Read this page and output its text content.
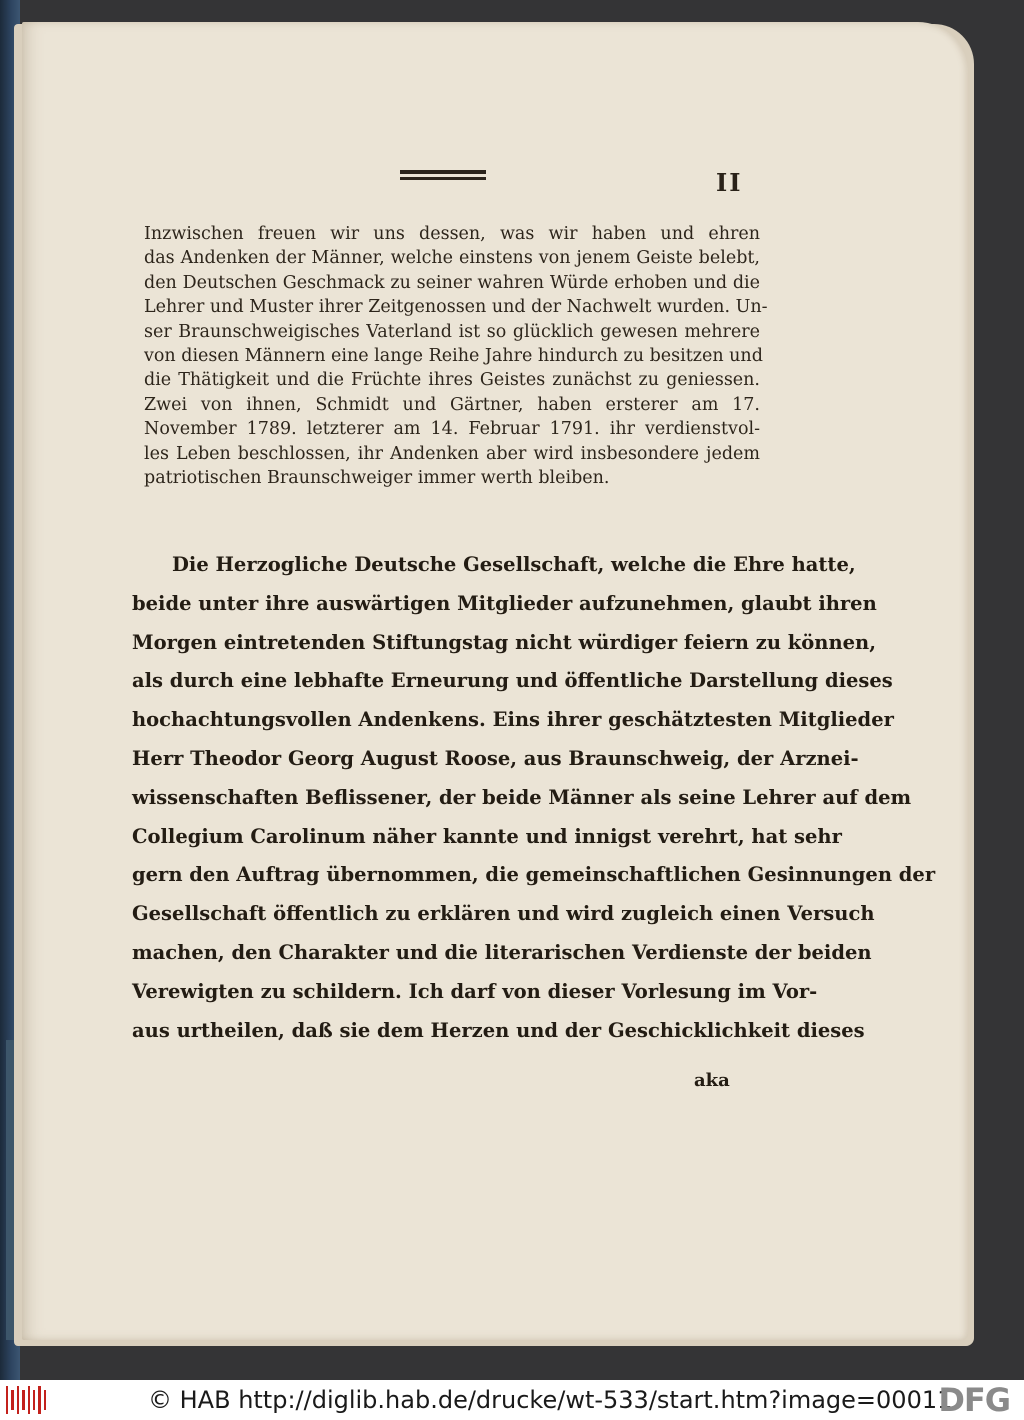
II
Inzwischen freuen wir uns dessen, was wir haben und ehren
das Andenken der Männer, welche einstens von jenem Geiste belebt,
den Deutschen Geschmack zu seiner wahren Würde erhoben und die
Lehrer und Muster ihrer Zeitgenossen und der Nachwelt wurden. Un-
ser Braunschweigisches Vaterland ist so glücklich gewesen mehrere
von diesen Männern eine lange Reihe Jahre hindurch zu besitzen und
die Thätigkeit und die Früchte ihres Geistes zunächst zu geniessen.
Zwei von ihnen, Schmidt und Gärtner, haben ersterer am 17.
November 1789. letzterer am 14. Februar 1791. ihr verdienstvol-
les Leben beschlossen, ihr Andenken aber wird insbesondere jedem
patriotischen Braunschweiger immer werth bleiben.
Die Herzogliche Deutsche Gesellschaft, welche die Ehre hatte,
beide unter ihre auswärtigen Mitglieder aufzunehmen, glaubt ihren
Morgen eintretenden Stiftungstag nicht würdiger feiern zu können,
als durch eine lebhafte Erneurung und öffentliche Darstellung dieses
hochachtungsvollen Andenkens. Eins ihrer geschätztesten Mitglieder
Herr Theodor Georg August Roose, aus Braunschweig, der Arznei-
wissenschaften Beflissener, der beide Männer als seine Lehrer auf dem
Collegium Carolinum näher kannte und innigst verehrt, hat sehr
gern den Auftrag übernommen, die gemeinschaftlichen Gesinnungen der
Gesellschaft öffentlich zu erklären und wird zugleich einen Versuch
machen, den Charakter und die literarischen Verdienste der beiden
Verewigten zu schildern. Ich darf von dieser Vorlesung im Vor-
aus urtheilen, daß sie dem Herzen und der Geschicklichkeit dieses
aka
© HAB http://diglib.hab.de/drucke/wt-533/start.htm?image=00011
DFG
